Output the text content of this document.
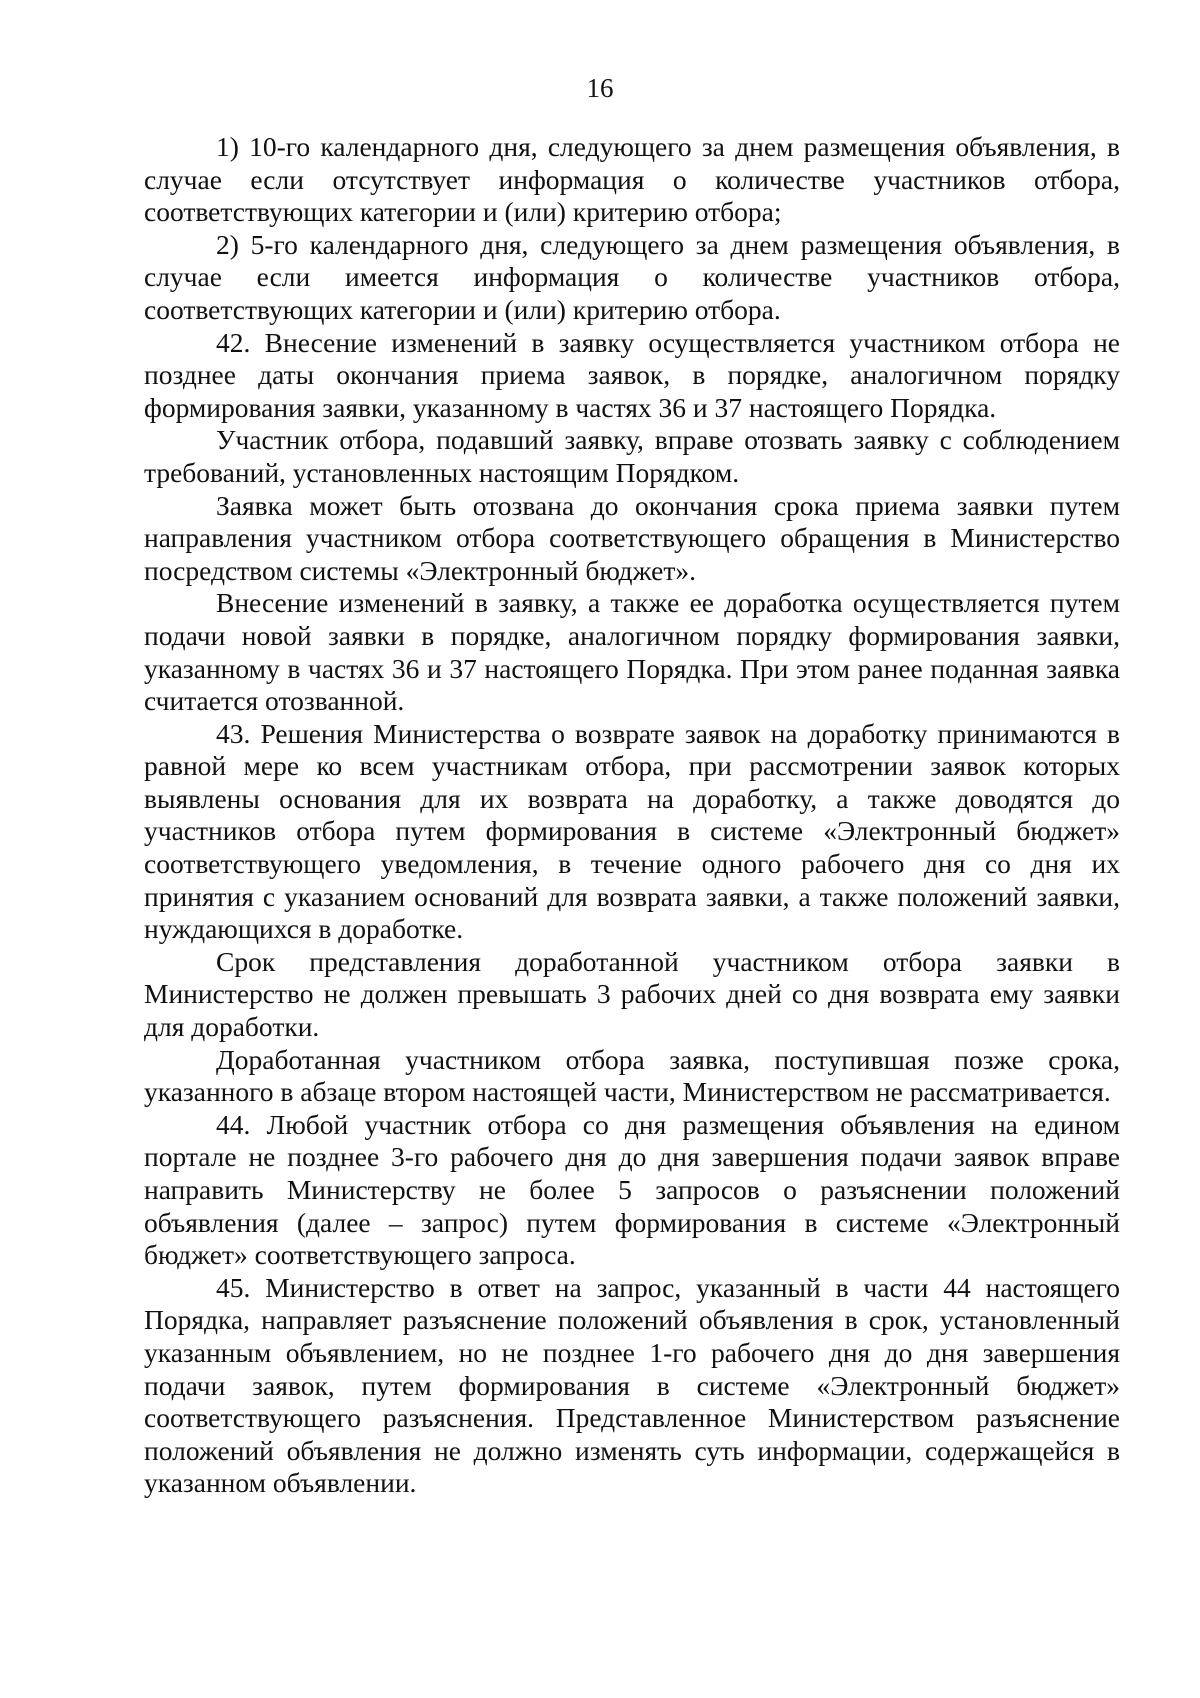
16

1) 10-го календарного дня, следующего за днем размещения объявления, в случае если отсутствует информация о количестве участников отбора, соответствующих категории и (или) критерию отбора;

2) 5-го календарного дня, следующего за днем размещения объявления, в случае если имеется информация о количестве участников отбора, соответствующих категории и (или) критерию отбора.

42. Внесение изменений в заявку осуществляется участником отбора не позднее даты окончания приема заявок, в порядке, аналогичном порядку формирования заявки, указанному в частях 36 и 37 настоящего Порядка.

Участник отбора, подавший заявку, вправе отозвать заявку с соблюдением требований, установленных настоящим Порядком.

Заявка может быть отозвана до окончания срока приема заявки путем направления участником отбора соответствующего обращения в Министерство посредством системы «Электронный бюджет».

Внесение изменений в заявку, а также ее доработка осуществляется путем подачи новой заявки в порядке, аналогичном порядку формирования заявки, указанному в частях 36 и 37 настоящего Порядка. При этом ранее поданная заявка считается отозванной.

43. Решения Министерства о возврате заявок на доработку принимаются в равной мере ко всем участникам отбора, при рассмотрении заявок которых выявлены основания для их возврата на доработку, а также доводятся до участников отбора путем формирования в системе «Электронный бюджет» соответствующего уведомления, в течение одного рабочего дня со дня их принятия с указанием оснований для возврата заявки, а также положений заявки, нуждающихся в доработке.

Срок представления доработанной участником отбора заявки в Министерство не должен превышать 3 рабочих дней со дня возврата ему заявки для доработки.

Доработанная участником отбора заявка, поступившая позже срока, указанного в абзаце втором настоящей части, Министерством не рассматривается.

44. Любой участник отбора со дня размещения объявления на едином портале не позднее 3-го рабочего дня до дня завершения подачи заявок вправе направить Министерству не более 5 запросов о разъяснении положений объявления (далее – запрос) путем формирования в системе «Электронный бюджет» соответствующего запроса.

45. Министерство в ответ на запрос, указанный в части 44 настоящего Порядка, направляет разъяснение положений объявления в срок, установленный указанным объявлением, но не позднее 1-го рабочего дня до дня завершения подачи заявок, путем формирования в системе «Электронный бюджет» соответствующего разъяснения. Представленное Министерством разъяснение положений объявления не должно изменять суть информации, содержащейся в указанном объявлении.
